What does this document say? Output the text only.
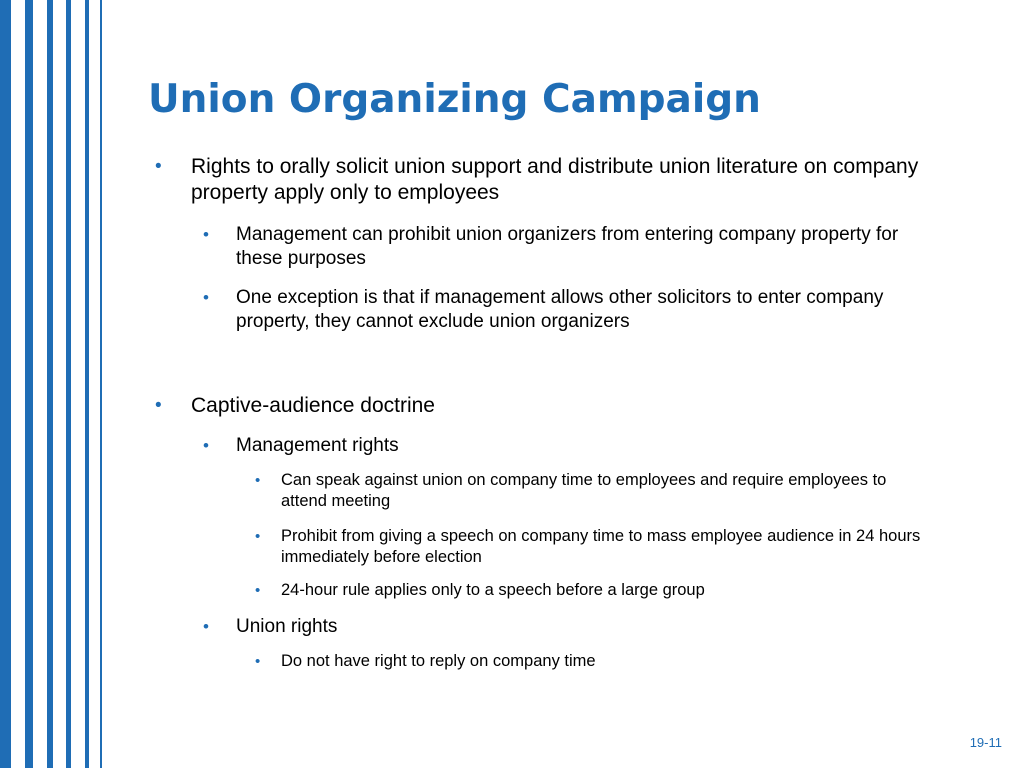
Union Organizing Campaign
• Rights to orally solicit union support and distribute union literature on company property apply only to employees
• Management can prohibit union organizers from entering company property for these purposes
• One exception is that if management allows other solicitors to enter company property, they cannot exclude union organizers
• Captive-audience doctrine
• Management rights
• Can speak against union on company time to employees and require employees to attend meeting
• Prohibit from giving a speech on company time to mass employee audience in 24 hours immediately before election
• 24-hour rule applies only to a speech before a large group
• Union rights
• Do not have right to reply on company time
19-11
